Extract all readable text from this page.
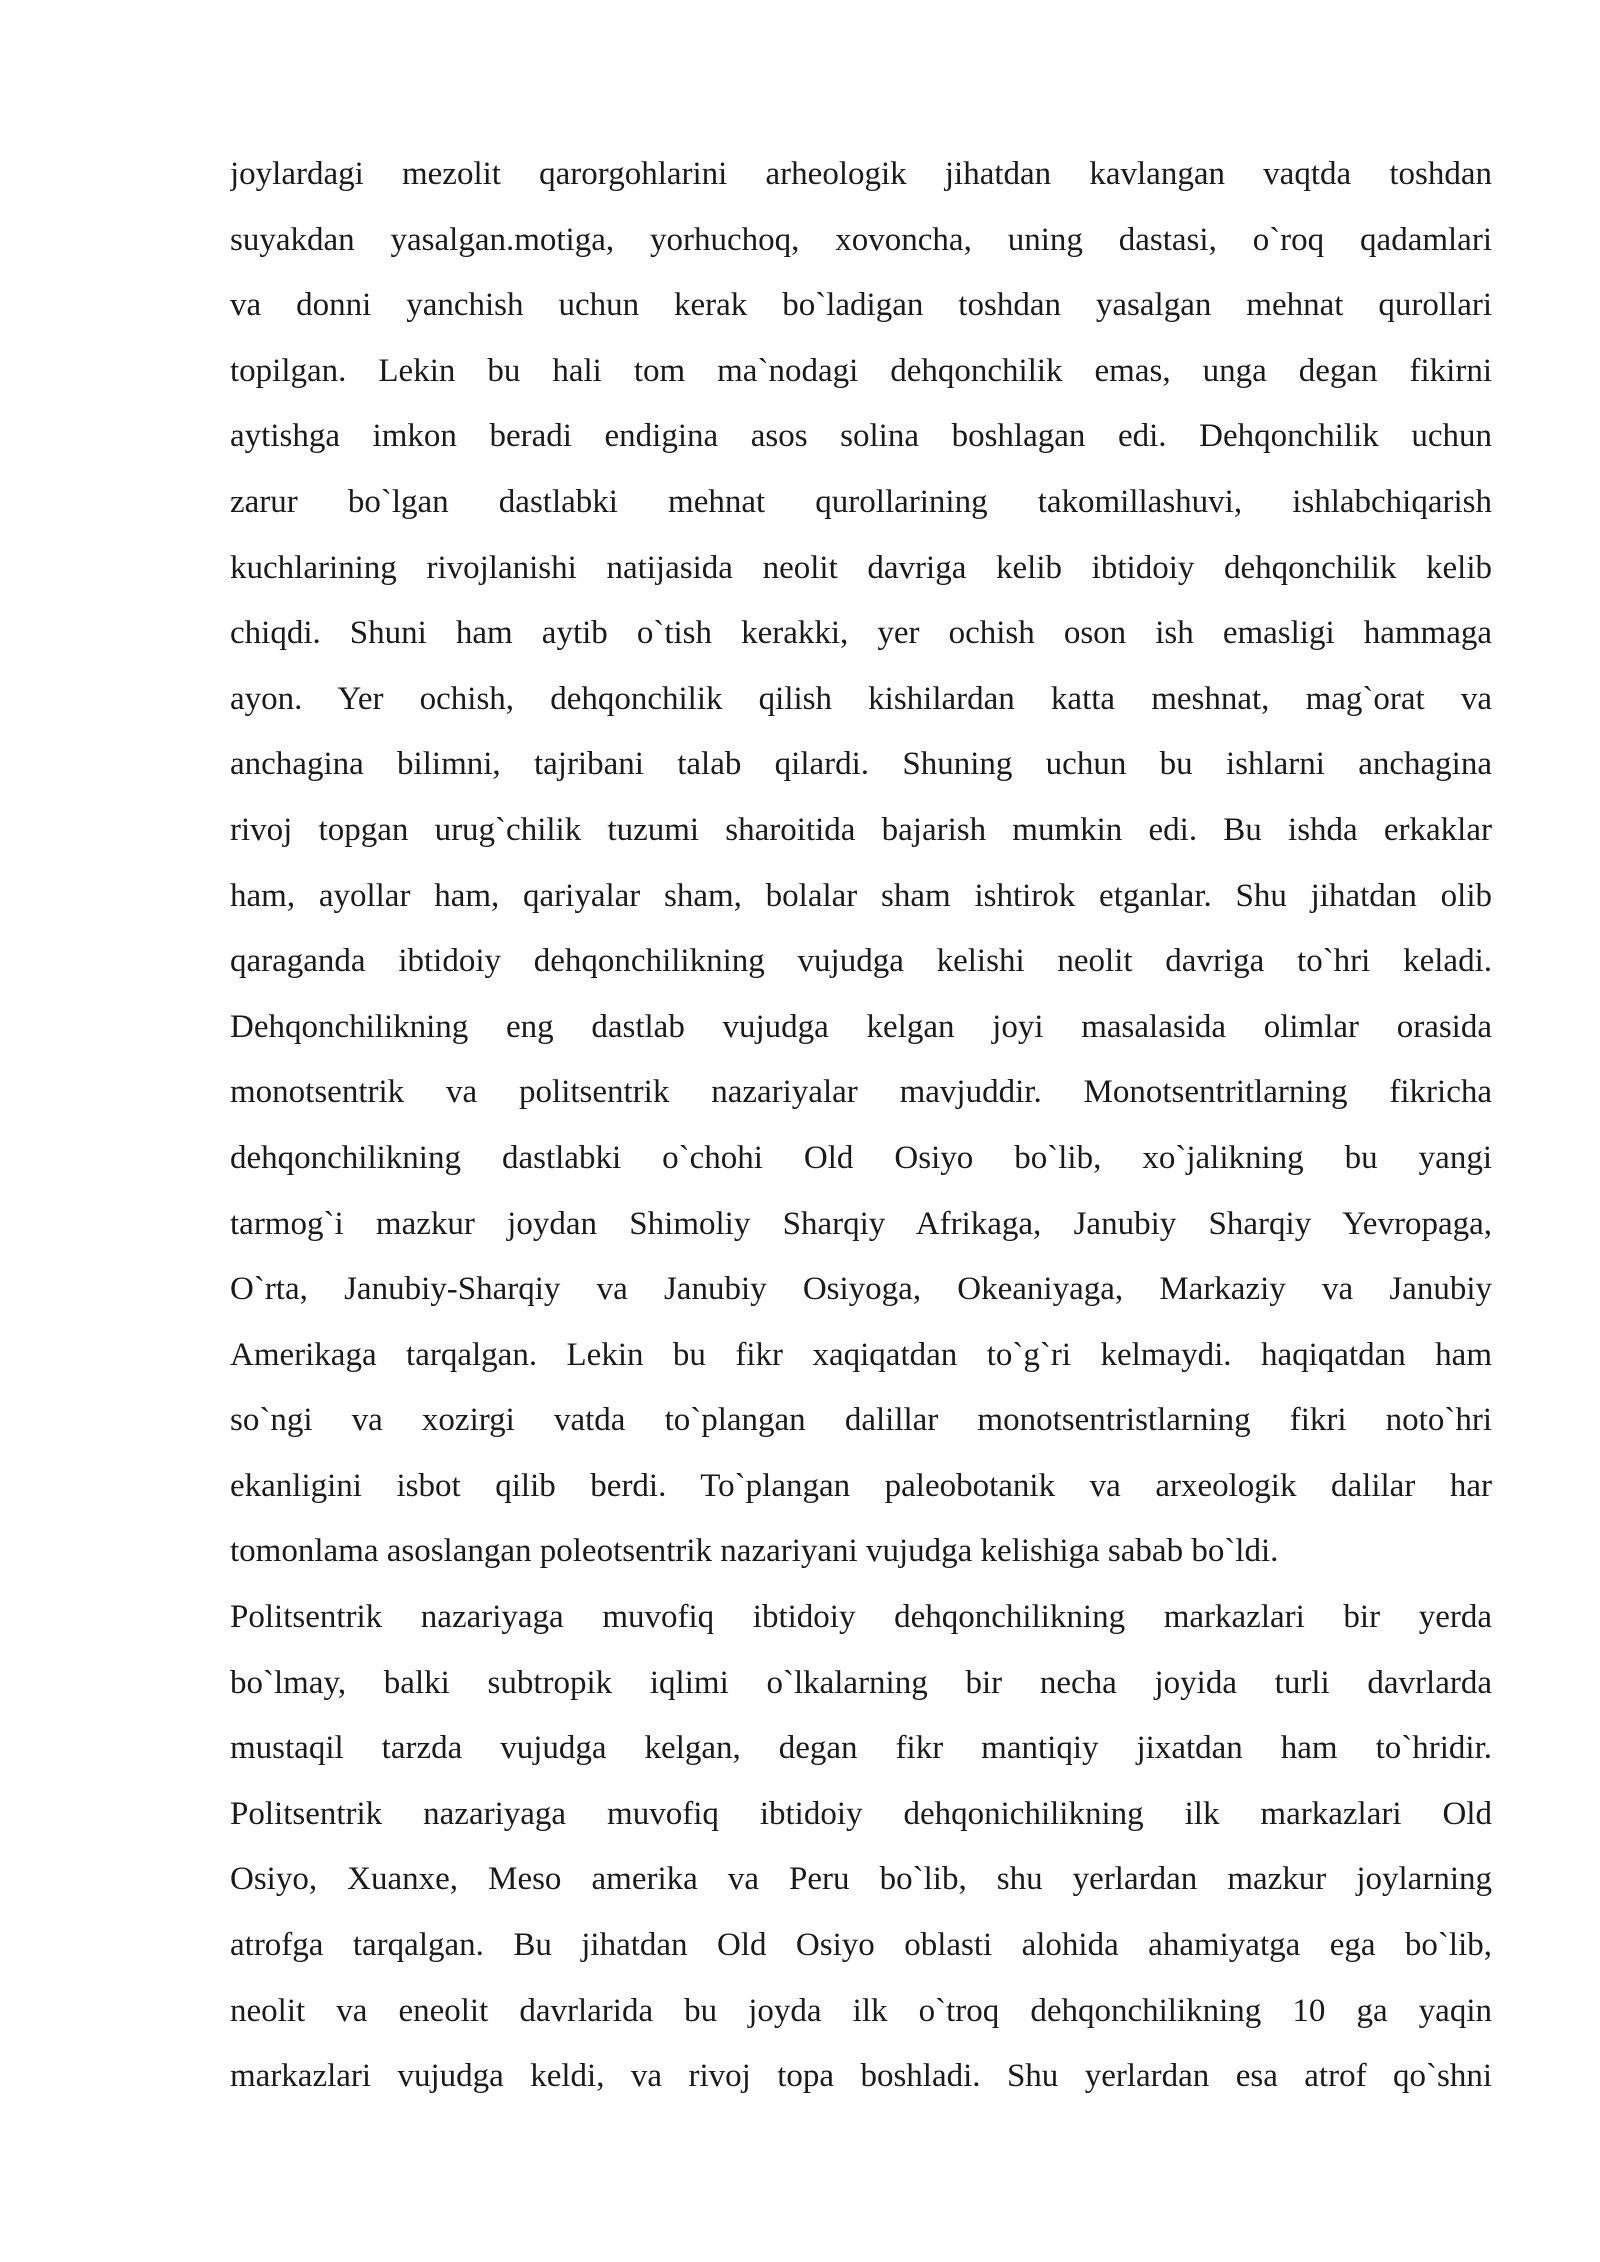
joylardagi mezolit qarorgohlarini arheologik jihatdan kavlangan vaqtda toshdan
suyakdan yasalgan.motiga, yorhuchoq, xovoncha, uning dastasi, o`roq qadamlari
va donni yanchish uchun kerak bo`ladigan toshdan yasalgan mehnat qurollari
topilgan. Lekin bu hali tom ma`nodagi dehqonchilik emas, unga degan fikirni
aytishga imkon beradi endigina asos solina boshlagan edi. Dehqonchilik uchun
zarur bo`lgan dastlabki mehnat qurollarining takomillashuvi, ishlabchiqarish
kuchlarining rivojlanishi natijasida neolit davriga kelib ibtidoiy dehqonchilik kelib
chiqdi. Shuni ham aytib o`tish kerakki, yer ochish oson ish emasligi hammaga
ayon. Yer ochish, dehqonchilik qilish kishilardan katta meshnat, mag`orat va
anchagina bilimni, tajribani talab qilardi. Shuning uchun bu ishlarni anchagina
rivoj topgan urug`chilik tuzumi sharoitida bajarish mumkin edi. Bu ishda erkaklar
ham, ayollar ham, qariyalar sham, bolalar sham ishtirok etganlar. Shu jihatdan olib
qaraganda ibtidoiy dehqonchilikning vujudga kelishi neolit davriga to`hri keladi.
Dehqonchilikning eng dastlab vujudga kelgan joyi masalasida olimlar orasida
monotsentrik va politsentrik nazariyalar mavjuddir. Monotsentritlarning fikricha
dehqonchilikning dastlabki o`chohi Old Osiyo bo`lib, xo`jalikning bu yangi
tarmog`i mazkur joydan Shimoliy Sharqiy Afrikaga, Janubiy Sharqiy Yevropaga,
O`rta, Janubiy-Sharqiy va Janubiy Osiyoga, Okeaniyaga, Markaziy va Janubiy
Amerikaga tarqalgan. Lekin bu fikr xaqiqatdan to`g`ri kelmaydi. haqiqatdan ham
so`ngi va xozirgi vatda to`plangan dalillar monotsentristlarning fikri noto`hri
ekanligini isbot qilib berdi. To`plangan paleobotanik va arxeologik dalilar har
tomonlama asoslangan poleotsentrik nazariyani vujudga kelishiga sabab bo`ldi.
Politsentrik nazariyaga muvofiq ibtidoiy dehqonchilikning markazlari bir yerda
bo`lmay, balki subtropik iqlimi o`lkalarning bir necha joyida turli davrlarda
mustaqil tarzda vujudga kelgan, degan fikr mantiqiy jixatdan ham to`hridir.
Politsentrik nazariyaga muvofiq ibtidoiy dehqonichilikning ilk markazlari Old
Osiyo, Xuanxe, Meso amerika va Peru bo`lib, shu yerlardan mazkur joylarning
atrofga tarqalgan. Bu jihatdan Old Osiyo oblasti alohida ahamiyatga ega bo`lib,
neolit va eneolit davrlarida bu joyda ilk o`troq dehqonchilikning 10 ga yaqin
markazlari vujudga keldi, va rivoj topa boshladi. Shu yerlardan esa atrof qo`shni
